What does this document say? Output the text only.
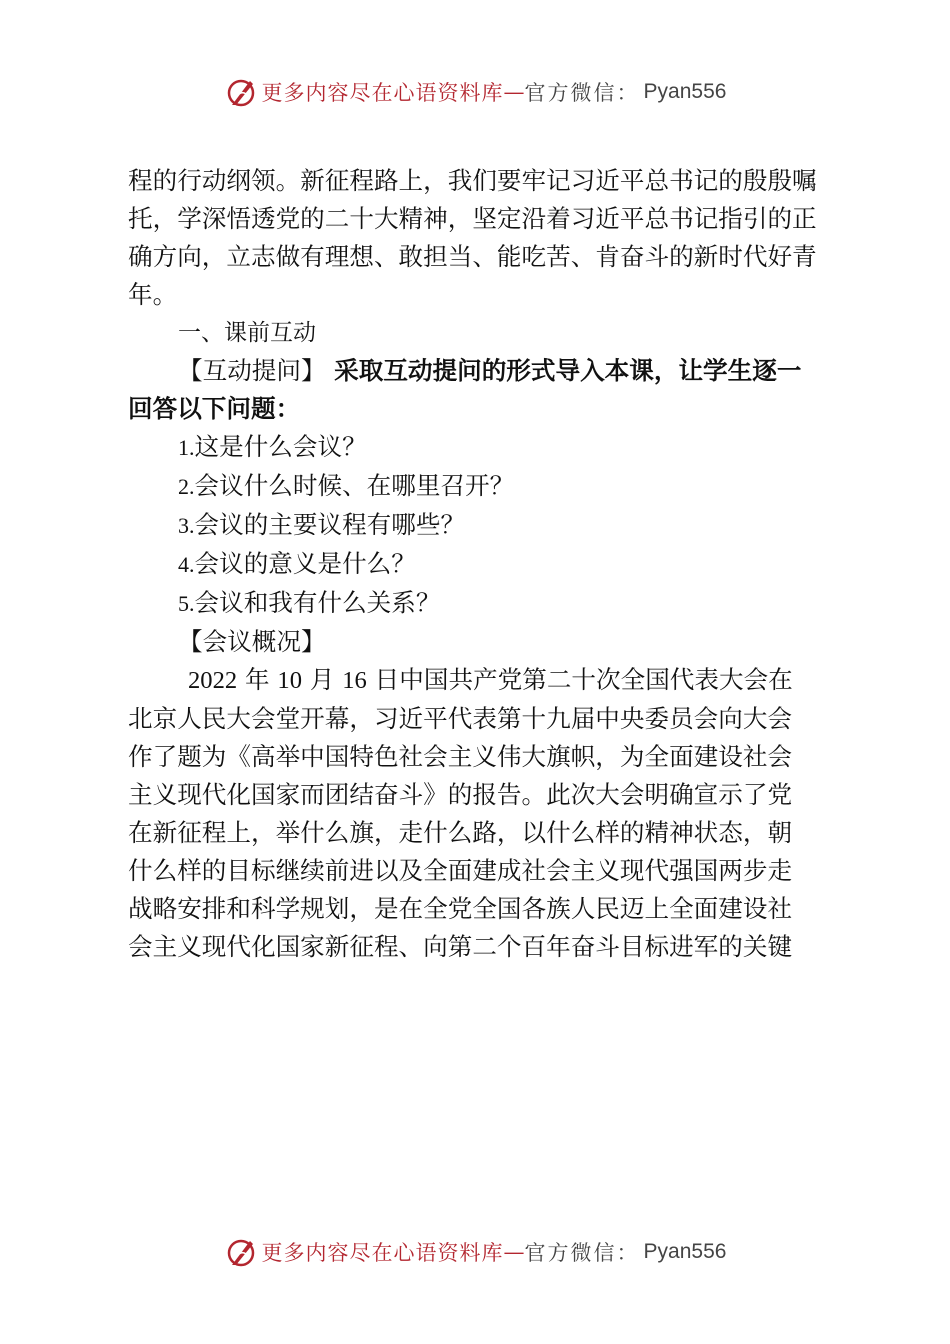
更多内容尽在心语资料库 — 官方微信： Pyan556

程的行动纲领。新征程路上，我们要牢记习近平总书记的殷殷嘱

托，学深悟透党的二十大精神，坚定沿着习近平总书记指引的正

确方向，立志做有理想、敢担当、能吃苦、肯奋斗的新时代好青

年。

一、课前互动

【互动提问】 采取互动提问的形式导入本课，让学生逐一

回答以下问题：

1.这是什么会议？

2.会议什么时候、在哪里召开？

3.会议的主要议程有哪些？

4.会议的意义是什么？

5.会议和我有什么关系？

【会议概况】

2022 年 10 月 16 日中国共产党第二十次全国代表大会在

北京人民大会堂开幕，习近平代表第十九届中央委员会向大会

作了题为《高举中国特色社会主义伟大旗帜，为全面建设社会

主义现代化国家而团结奋斗》的报告。此次大会明确宣示了党

在新征程上，举什么旗，走什么路，以什么样的精神状态，朝

什么样的目标继续前进以及全面建成社会主义现代强国两步走

战略安排和科学规划，是在全党全国各族人民迈上全面建设社

会主义现代化国家新征程、向第二个百年奋斗目标进军的关键

更多内容尽在心语资料库 — 官方微信： Pyan556
